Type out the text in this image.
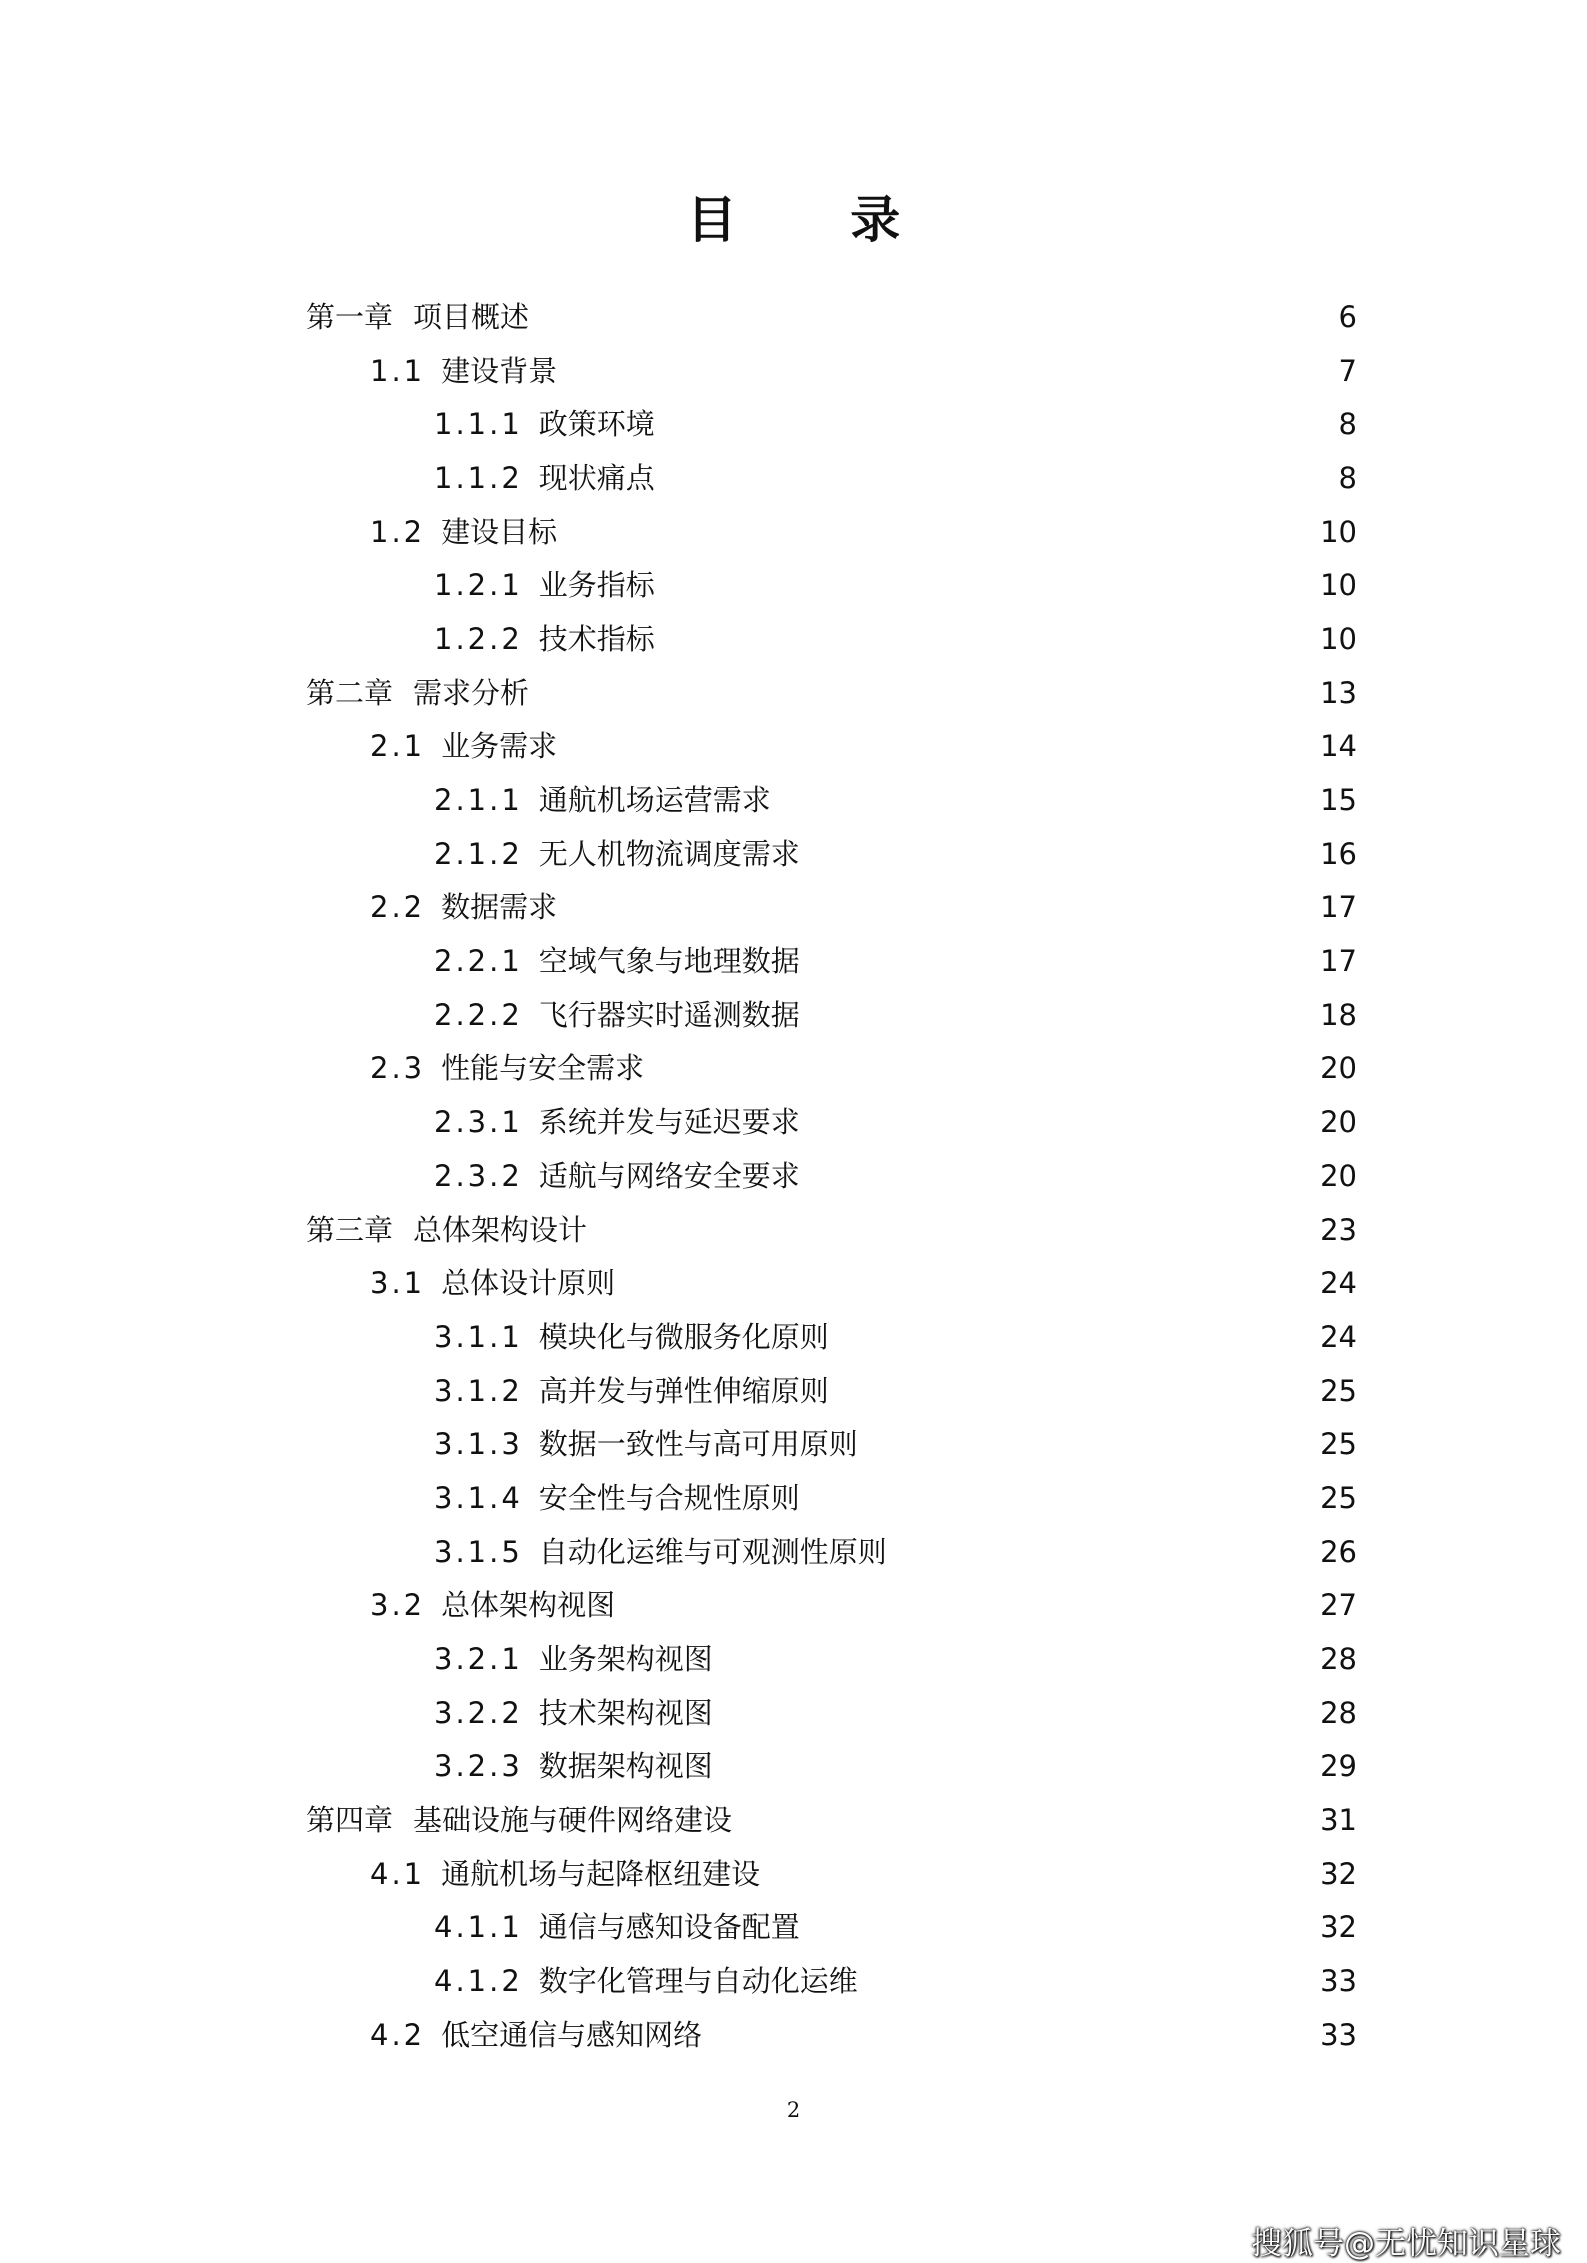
目 录
第一章 项目概述	6
1.1 建设背景	7
1.1.1 政策环境	8
1.1.2 现状痛点	8
1.2 建设目标	10
1.2.1 业务指标	10
1.2.2 技术指标	10
第二章 需求分析	13
2.1 业务需求	14
2.1.1 通航机场运营需求	15
2.1.2 无人机物流调度需求	16
2.2 数据需求	17
2.2.1 空域气象与地理数据	17
2.2.2 飞行器实时遥测数据	18
2.3 性能与安全需求	20
2.3.1 系统并发与延迟要求	20
2.3.2 适航与网络安全要求	20
第三章 总体架构设计	23
3.1 总体设计原则	24
3.1.1 模块化与微服务化原则	24
3.1.2 高并发与弹性伸缩原则	25
3.1.3 数据一致性与高可用原则	25
3.1.4 安全性与合规性原则	25
3.1.5 自动化运维与可观测性原则	26
3.2 总体架构视图	27
3.2.1 业务架构视图	28
3.2.2 技术架构视图	28
3.2.3 数据架构视图	29
第四章 基础设施与硬件网络建设	31
4.1 通航机场与起降枢纽建设	32
4.1.1 通信与感知设备配置	32
4.1.2 数字化管理与自动化运维	33
4.2 低空通信与感知网络	33
2
搜狐号@无忧知识星球
